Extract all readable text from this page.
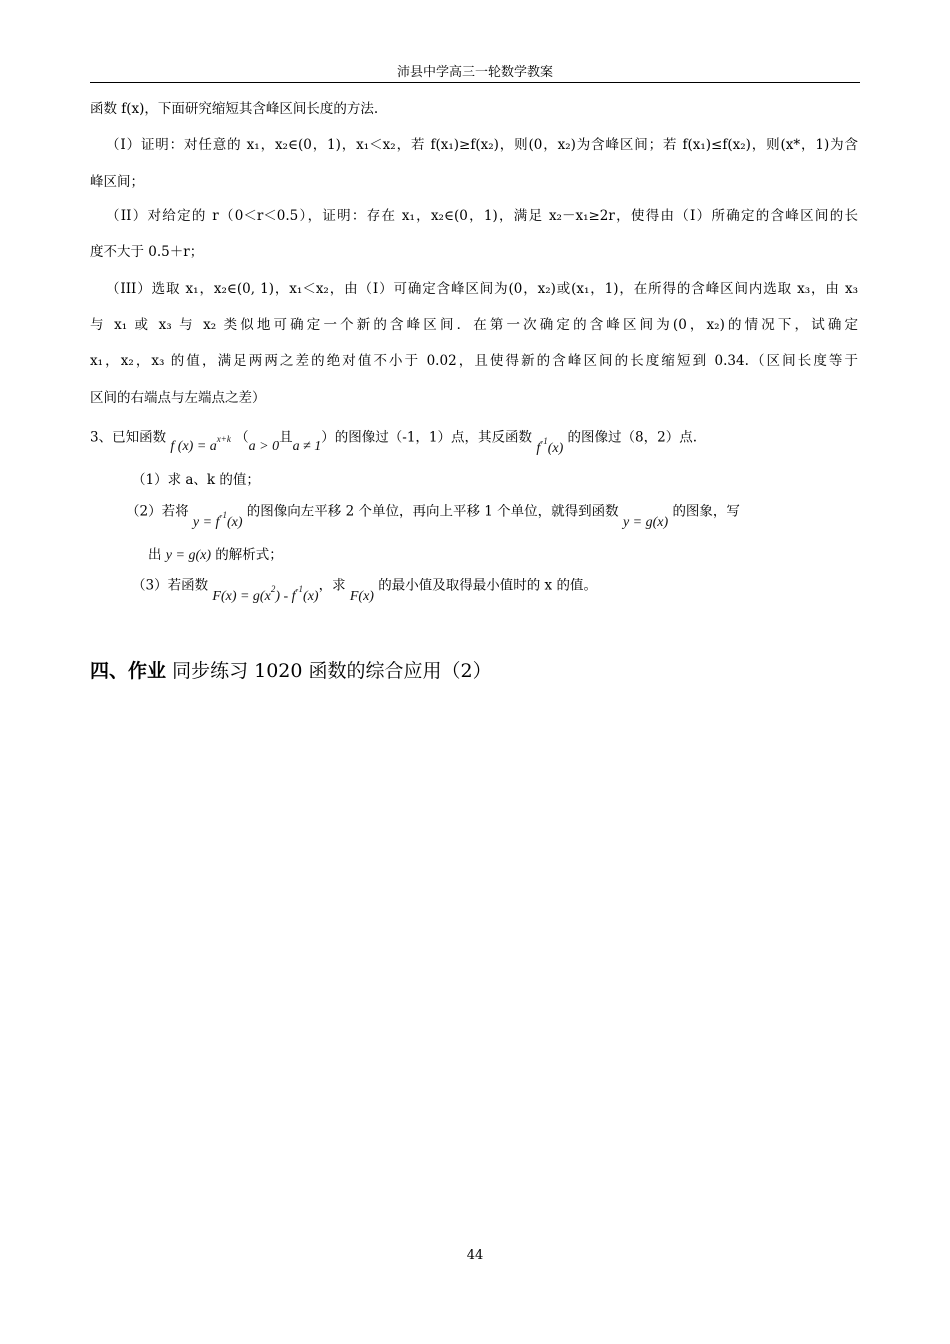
沛县中学高三一轮数学教案
函数 f(x)，下面研究缩短其含峰区间长度的方法.
（I）证明：对任意的 x₁，x₂∈(0，1)，x₁＜x₂，若 f(x₁)≥f(x₂)，则(0，x₂)为含峰区间；若 f(x₁)≤f(x₂)，则(x*，1)为含
峰区间；
（II）对给定的 r（0＜r＜0.5），证明：存在 x₁，x₂∈(0，1)，满足 x₂－x₁≥2r，使得由（I）所确定的含峰区间的长
度不大于 0.5＋r；
（III）选取 x₁，x₂∈(0, 1)，x₁＜x₂，由（I）可确定含峰区间为(0，x₂)或(x₁，1)，在所得的含峰区间内选取 x₃，由 x₃
与 x₁ 或 x₃ 与 x₂ 类似地可确定一个新的含峰区间．在第一次确定的含峰区间为(0，x₂)的情况下，试确定
x₁，x₂，x₃ 的值，满足两两之差的绝对值不小于 0.02，且使得新的含峰区间的长度缩短到 0.34.（区间长度等于
区间的右端点与左端点之差）
3、已知函数 f $(x) = a^{x+k}$ （a > 0且a ≠ 1）的图像过（-1，1）点，其反函数 $f^{-1}(x)$ 的图像过（8，2）点.
（1）求 a、k 的值；
（2）若将 $y = f^{-1}(x)$ 的图像向左平移 2 个单位，再向上平移 1 个单位，就得到函数 y = g(x) 的图象，写
出 y = g(x) 的解析式；
（3）若函数 $F(x) = g(x^2) - f^{-1}(x)$，求 F(x) 的最小值及取得最小值时的 x 的值。
四、作业 同步练习 1020 函数的综合应用（2）
44
